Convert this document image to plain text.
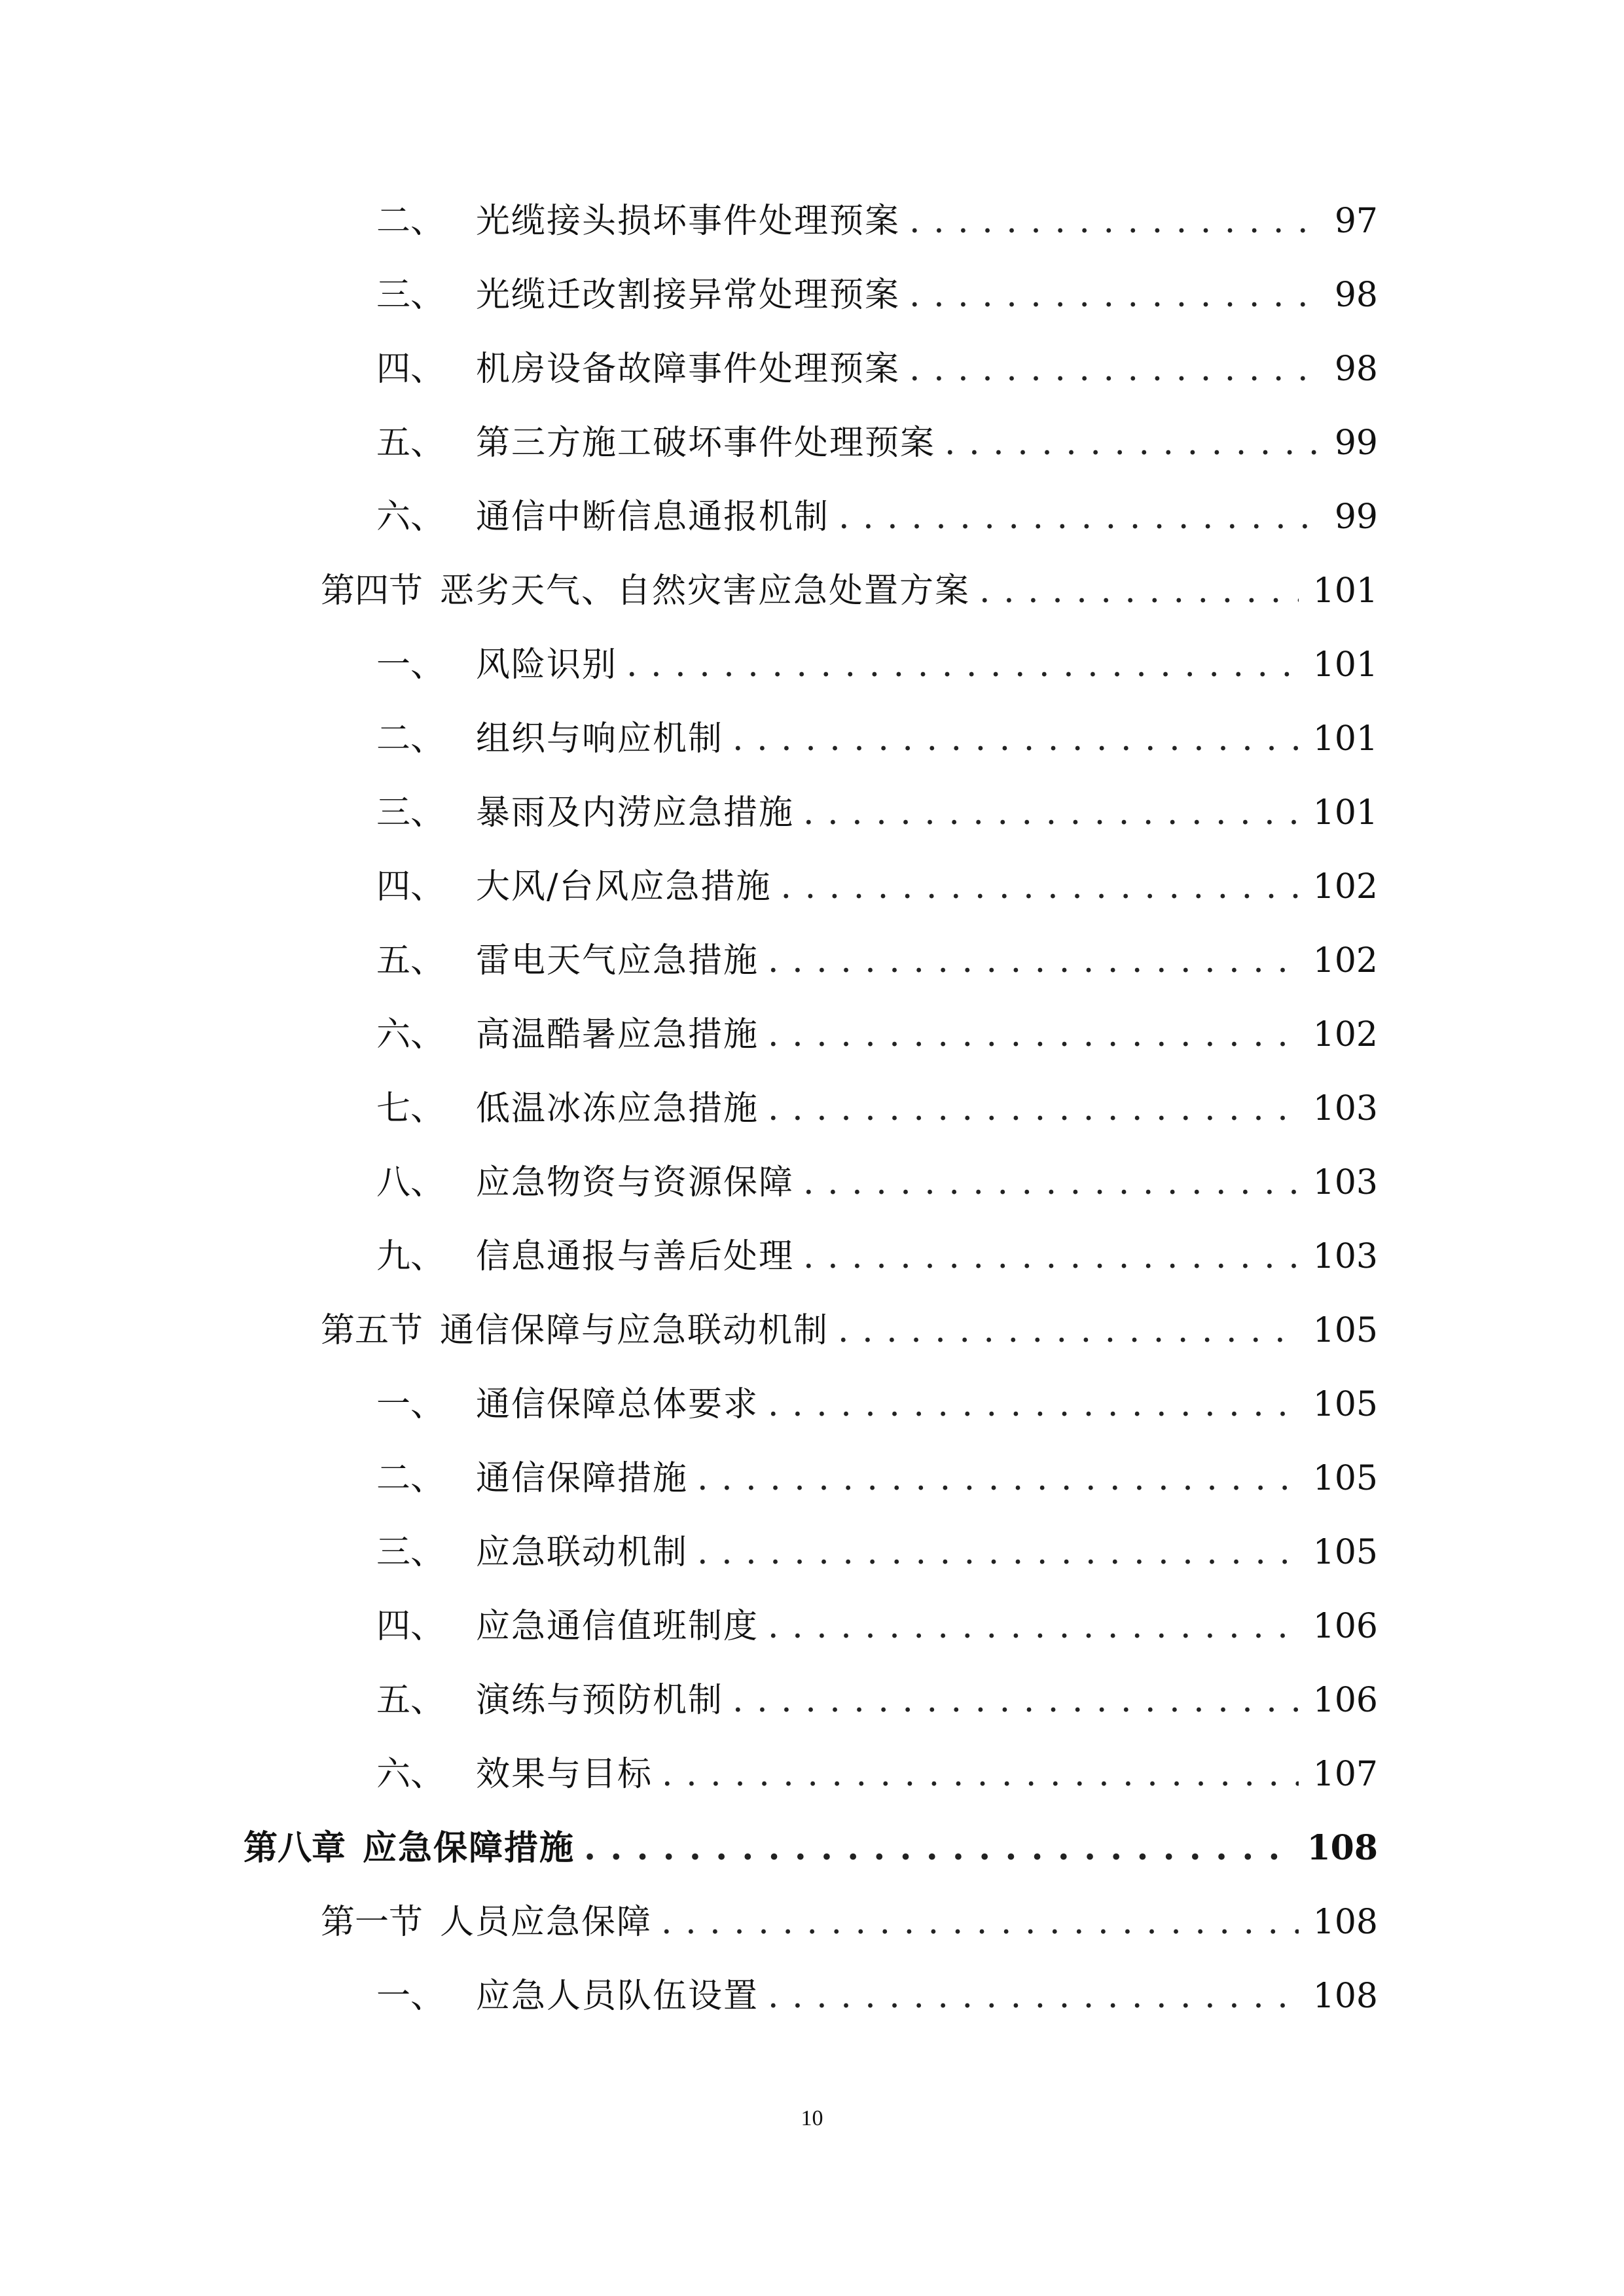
二、 光缆接头损坏事件处理预案 . . .	97
三、 光缆迁改割接异常处理预案 . . .	98
四、 机房设备故障事件处理预案 . . .	98
五、 第三方施工破坏事件处理预案 . . .	99
六、 通信中断信息通报机制 . . .	99
第四节 恶劣天气、自然灾害应急处置方案 . . .	101
一、 风险识别 . . .	101
二、 组织与响应机制 . . .	101
三、 暴雨及内涝应急措施 . . .	101
四、 大风/台风应急措施 . . .	102
五、 雷电天气应急措施 . . .	102
六、 高温酷暑应急措施 . . .	102
七、 低温冰冻应急措施 . . .	103
八、 应急物资与资源保障 . . .	103
九、 信息通报与善后处理 . . .	103
第五节 通信保障与应急联动机制 . . .	105
一、 通信保障总体要求 . . .	105
二、 通信保障措施 . . .	105
三、 应急联动机制 . . .	105
四、 应急通信值班制度 . . .	106
五、 演练与预防机制 . . .	106
六、 效果与目标 . . .	107
第八章 应急保障措施 . . .	108
第一节 人员应急保障 . . .	108
一、 应急人员队伍设置 . . .	108
10
